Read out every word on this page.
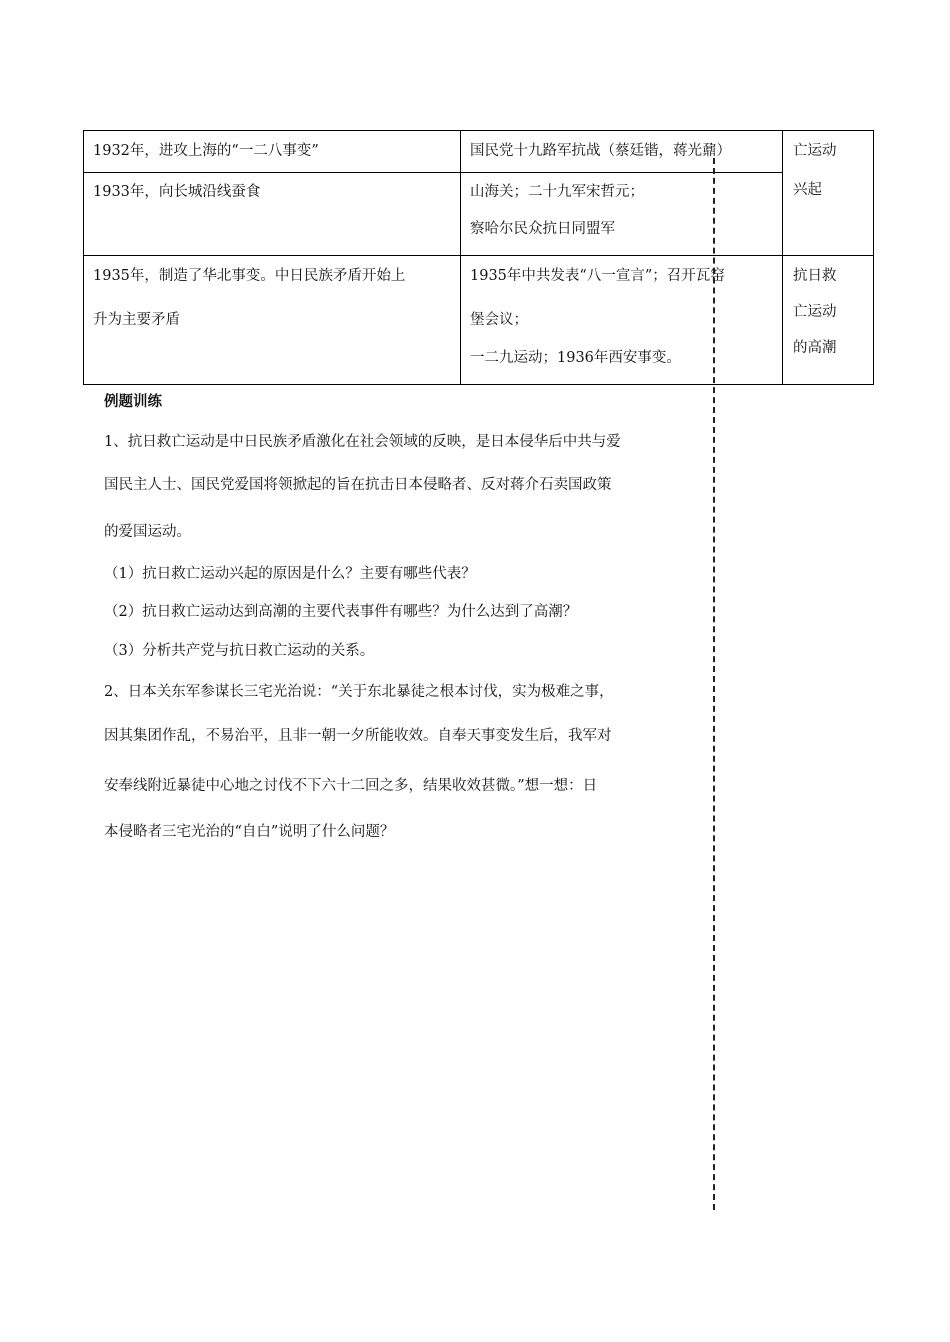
1932年，进攻上海的“一二八事变”	国民党十九路军抗战（蔡廷锴，蒋光鼐）
1933年，向长城沿线蚕食	山海关；二十九军宋哲元；
察哈尔民众抗日同盟军
亡运动
兴起
1935年，制造了华北事变。中日民族矛盾开始上
升为主要矛盾
1935年中共发表“八一宣言”；召开瓦窑
堡会议；
一二九运动；1936年西安事变。
抗日救
亡运动
的高潮
例题训练
1、抗日救亡运动是中日民族矛盾激化在社会领域的反映，是日本侵华后中共与爱
国民主人士、国民党爱国将领掀起的旨在抗击日本侵略者、反对蒋介石卖国政策
的爱国运动。
（1）抗日救亡运动兴起的原因是什么？主要有哪些代表？
（2）抗日救亡运动达到高潮的主要代表事件有哪些？为什么达到了高潮？
（3）分析共产党与抗日救亡运动的关系。
2、日本关东军参谋长三宅光治说：“关于东北暴徒之根本讨伐，实为极难之事，
因其集团作乱，不易治平，且非一朝一夕所能收效。自奉天事变发生后，我军对
安奉线附近暴徒中心地之讨伐不下六十二回之多，结果收效甚微。”想一想：日
本侵略者三宅光治的“自白”说明了什么问题？
